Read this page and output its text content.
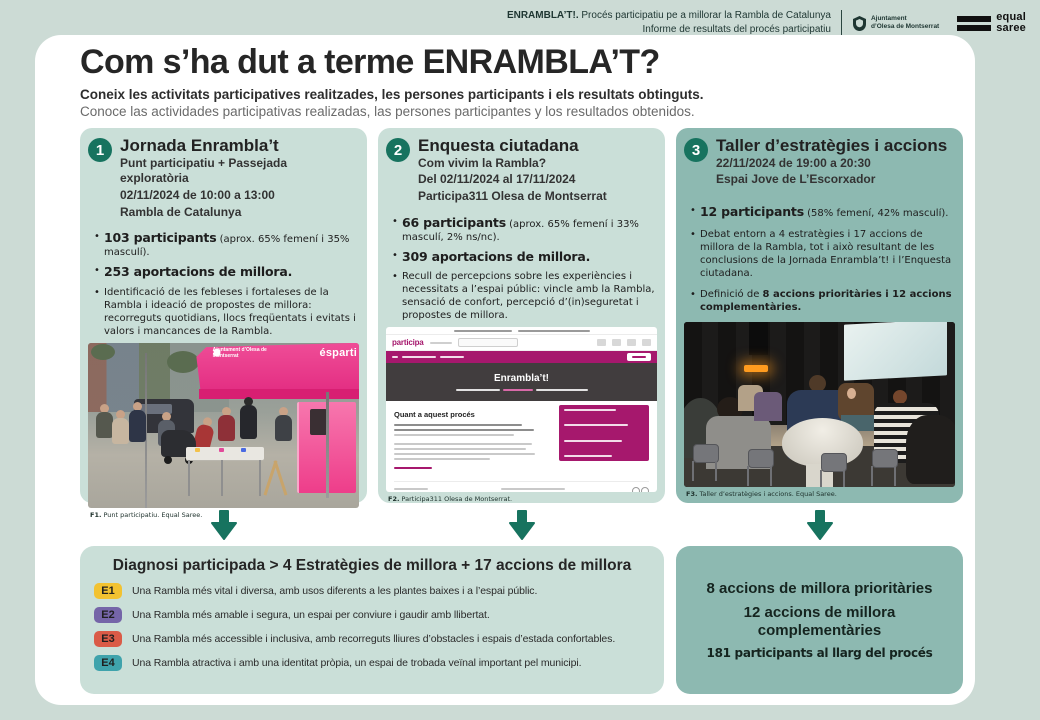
ENRAMBLA’T!. Procés participatiu pe a millorar la Rambla de Catalunya
Informe de resultats del procés participatiu
Ajuntament
d’Olesa de Montserrat
equal
saree
Com s’ha dut a terme ENRAMBLA’T?
Coneix les activitats participatives realitzades, les persones participants i els resultats obtinguts.
Conoce las actividades participativas realizadas, las persones participantes y los resultados obtenidos.
1 Jornada Enrambla’t
Punt participatiu + Passejada exploratòria
02/11/2024 de 10:00 a 13:00
Rambla de Catalunya
• 103 participants (aprox. 65% femení i 35% masculí).
• 253 aportacions de millora.
• Identificació de les febleses i fortaleses de la Rambla i ideació de propostes de millora: recorreguts quotidians, llocs freqüentats i evitats i valors i mancances de la Rambla.
Ajuntament d’Olesa de Montserrat	ésparti
F1. Punt participatiu. Equal Saree.
2 Enquesta ciutadana
Com vivim la Rambla?
Del 02/11/2024 al 17/11/2024
Participa311 Olesa de Montserrat
• 66 participants (aprox. 65% femení i 33% masculí, 2% ns/nc).
• 309 aportacions de millora.
• Recull de percepcions sobre les experiències i necessitats a l’espai públic: vincle amb la Rambla, sensació de confort, percepció d’(in)seguretat i propostes de millora.
participa
Enrambla’t!
Quant a aquest procés
F2. Participa311 Olesa de Montserrat.
3 Taller d’estratègies i accions
22/11/2024 de 19:00 a 20:30
Espai Jove de L’Escorxador
• 12 participants (58% femení, 42% masculí).
• Debat entorn a 4 estratègies i 17 accions de millora de la Rambla, tot i això resultant de les conclusions de la Jornada Enrambla’t! i l’Enquesta ciutadana.
• Definició de 8 accions prioritàries i 12 accions complementàries.
F3. Taller d’estratègies i accions. Equal Saree.
Diagnosi participada > 4 Estratègies de millora + 17 accions de millora
E1	Una Rambla més vital i diversa, amb usos diferents a les plantes baixes i a l’espai públic.
E2	Una Rambla més amable i segura, un espai per conviure i gaudir amb llibertat.
E3	Una Rambla més accessible i inclusiva, amb recorreguts lliures d’obstacles i espais d’estada confortables.
E4	Una Rambla atractiva i amb una identitat pròpia, un espai de trobada veïnal important pel municipi.
8 accions de millora prioritàries
12 accions de millora complementàries
181 participants al llarg del procés
